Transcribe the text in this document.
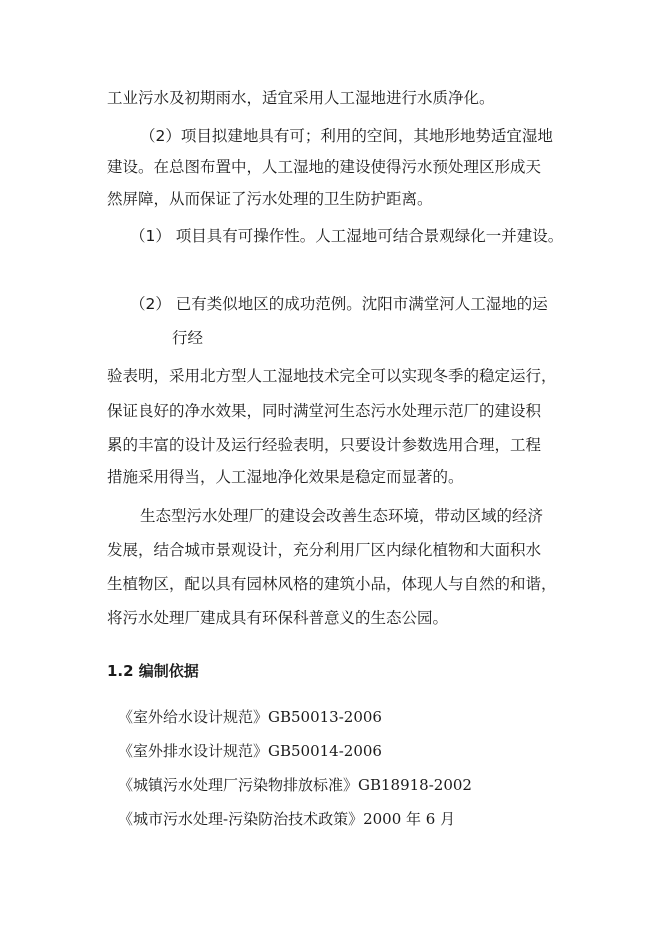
工业污水及初期雨水，适宜采用人工湿地进行水质净化。
（2）项目拟建地具有可；利用的空间，其地形地势适宜湿地
建设。在总图布置中，人工湿地的建设使得污水预处理区形成天
然屏障，从而保证了污水处理的卫生防护距离。
（1） 项目具有可操作性。人工湿地可结合景观绿化一并建设。
（2） 已有类似地区的成功范例。沈阳市满堂河人工湿地的运
行经
验表明，采用北方型人工湿地技术完全可以实现冬季的稳定运行，
保证良好的净水效果，同时满堂河生态污水处理示范厂的建设积
累的丰富的设计及运行经验表明，只要设计参数选用合理，工程
措施采用得当，人工湿地净化效果是稳定而显著的。
生态型污水处理厂的建设会改善生态环境，带动区域的经济
发展，结合城市景观设计，充分利用厂区内绿化植物和大面积水
生植物区，配以具有园林风格的建筑小品，体现人与自然的和谐，
将污水处理厂建成具有环保科普意义的生态公园。
1.2 编制依据
《室外给水设计规范》GB50013-2006
《室外排水设计规范》GB50014-2006
《城镇污水处理厂污染物排放标准》GB18918-2002
《城市污水处理-污染防治技术政策》2000 年 6 月
